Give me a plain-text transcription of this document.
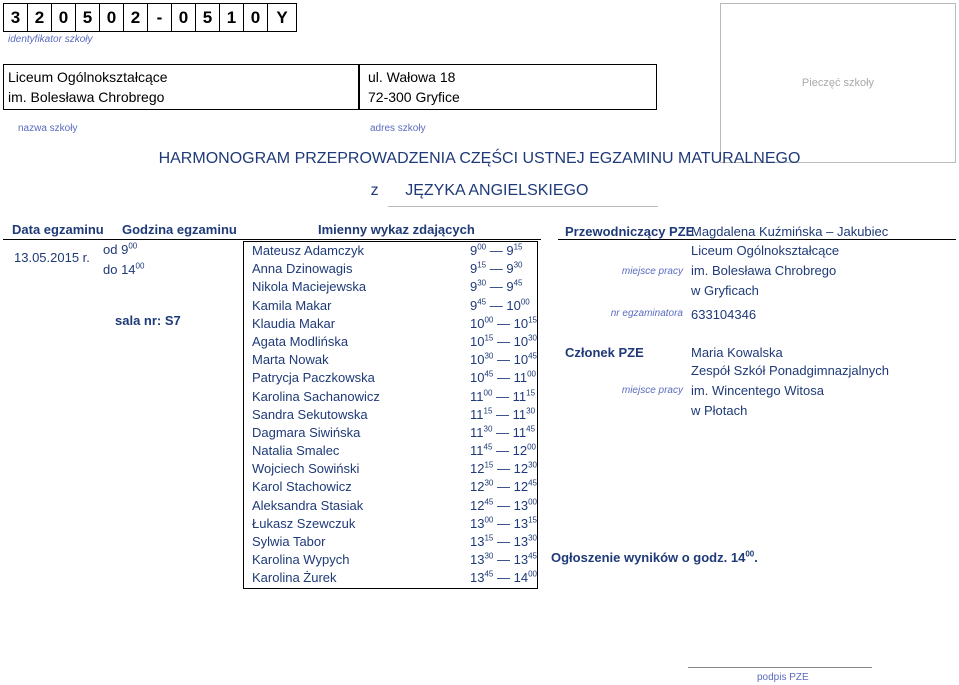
3 2 0 5 0 2 - 0 5 1 0 Y
identyfikator szkoły
Liceum Ogólnokształcące
im. Bolesława Chrobrego
nazwa szkoły
ul. Wałowa 18
72-300 Gryfice
adres szkoły
Pieczęć szkoły
HARMONOGRAM PRZEPROWADZENIA CZĘŚCI USTNEJ EGZAMINU MATURALNEGO
z      JĘZYKA ANGIELSKIEGO
Data egzaminu Godzina egzaminu	Imienny wykaz zdających
13.05.2015 r.
od $9^{00}$
do $14^{00}$
sala nr: S7
Mateusz Adamczyk	$9^{00}$ — $9^{15}$
Anna Dzinowagis	$9^{15}$ — $9^{30}$
Nikola Maciejewska	$9^{30}$ — $9^{45}$
Kamila Makar	$9^{45}$ — $10^{00}$
Klaudia Makar	$10^{00}$ — $10^{15}$
Agata Modlińska	$10^{15}$ — $10^{30}$
Marta Nowak	$10^{30}$ — $10^{45}$
Patrycja Paczkowska	$10^{45}$ — $11^{00}$
Karolina Sachanowicz	$11^{00}$ — $11^{15}$
Sandra Sekutowska	$11^{15}$ — $11^{30}$
Dagmara Siwińska	$11^{30}$ — $11^{45}$
Natalia Smalec	$11^{45}$ — $12^{00}$
Wojciech Sowiński	$12^{15}$ — $12^{30}$
Karol Stachowicz	$12^{30}$ — $12^{45}$
Aleksandra Stasiak	$12^{45}$ — $13^{00}$
Łukasz Szewczuk	$13^{00}$ — $13^{15}$
Sylwia Tabor	$13^{15}$ — $13^{30}$
Karolina Wypych	$13^{30}$ — $13^{45}$
Karolina Żurek	$13^{45}$ — $14^{00}$
Przewodniczący PZE
Magdalena Kuźmińska – Jakubiec
Liceum Ogólnokształcące
miejsce pracy im. Bolesława Chrobrego
w Gryficach
nr egzaminatora 633104346
Członek PZE	Maria Kowalska
Zespół Szkół Ponadgimnazjalnych
miejsce pracy im. Wincentego Witosa
w Płotach
Ogłoszenie wyników o godz. $14^{00}$.
podpis PZE
